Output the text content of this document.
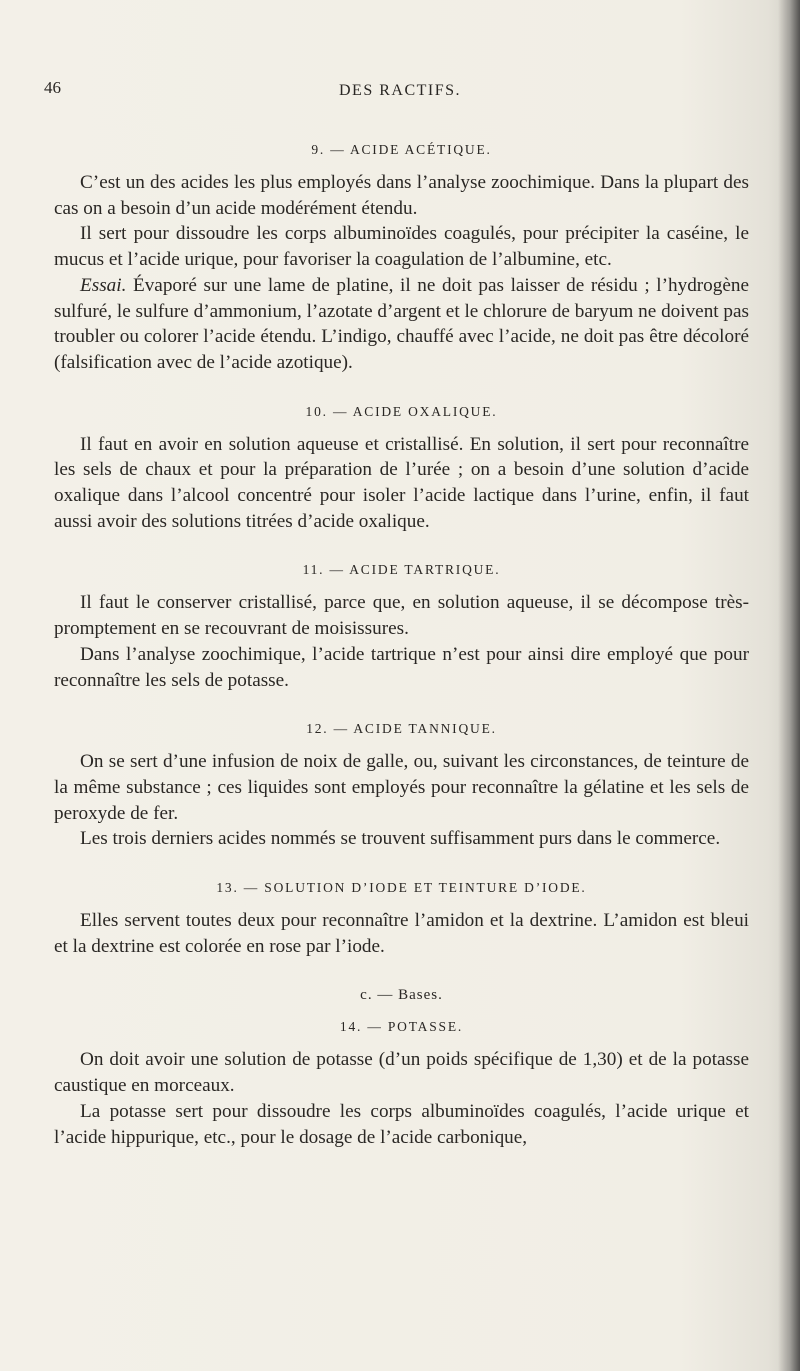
46	DES RACTIFS.
9. — ACIDE ACÉTIQUE.

C’est un des acides les plus employés dans l’analyse zoochimique. Dans la plupart des cas on a besoin d’un acide modérément étendu.

Il sert pour dissoudre les corps albuminoïdes coagulés, pour précipiter la caséine, le mucus et l’acide urique, pour favoriser la coagulation de l’albumine, etc.

Essai. Évaporé sur une lame de platine, il ne doit pas laisser de résidu ; l’hydrogène sulfuré, le sulfure d’ammonium, l’azotate d’argent et le chlorure de baryum ne doivent pas troubler ou colorer l’acide étendu. L’indigo, chauffé avec l’acide, ne doit pas être décoloré (falsification avec de l’acide azotique).

10. — ACIDE OXALIQUE.

Il faut en avoir en solution aqueuse et cristallisé. En solution, il sert pour reconnaître les sels de chaux et pour la préparation de l’urée ; on a besoin d’une solution d’acide oxalique dans l’alcool concentré pour isoler l’acide lactique dans l’urine, enfin, il faut aussi avoir des solutions titrées d’acide oxalique.

11. — ACIDE TARTRIQUE.

Il faut le conserver cristallisé, parce que, en solution aqueuse, il se décompose très-promptement en se recouvrant de moisissures.

Dans l’analyse zoochimique, l’acide tartrique n’est pour ainsi dire employé que pour reconnaître les sels de potasse.

12. — ACIDE TANNIQUE.

On se sert d’une infusion de noix de galle, ou, suivant les circonstances, de teinture de la même substance ; ces liquides sont employés pour reconnaître la gélatine et les sels de peroxyde de fer.

Les trois derniers acides nommés se trouvent suffisamment purs dans le commerce.

13. — SOLUTION D’IODE ET TEINTURE D’IODE.

Elles servent toutes deux pour reconnaître l’amidon et la dextrine. L’amidon est bleui et la dextrine est colorée en rose par l’iode.

c. — Bases.
14. — POTASSE.

On doit avoir une solution de potasse (d’un poids spécifique de 1,30) et de la potasse caustique en morceaux.

La potasse sert pour dissoudre les corps albuminoïdes coagulés, l’acide urique et l’acide hippurique, etc., pour le dosage de l’acide carbonique,
